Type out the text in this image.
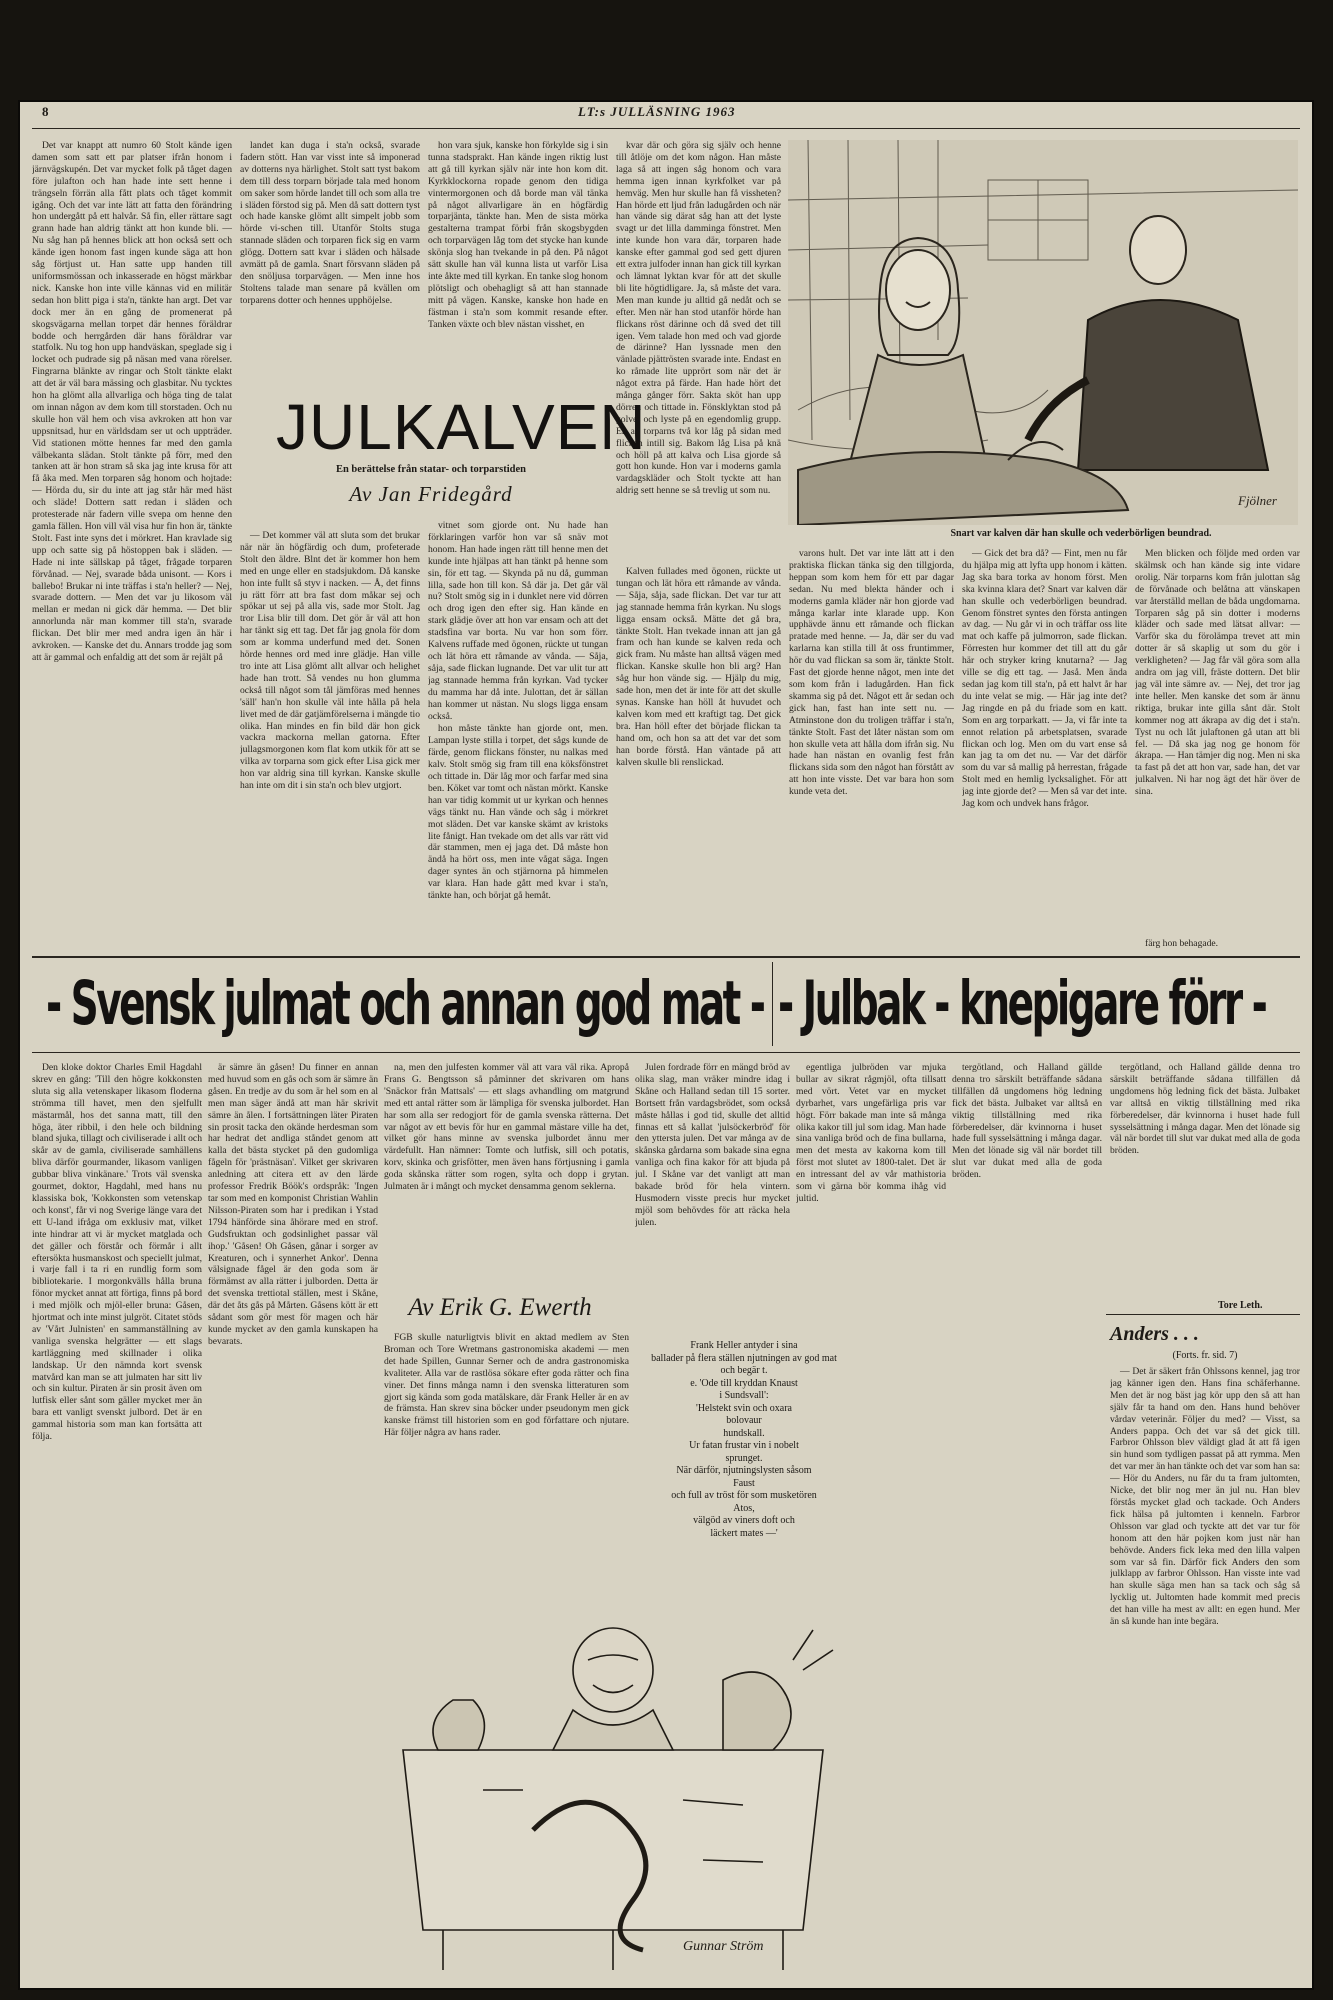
8	LT:s JULLÄSNING 1963

Det var knappt att numro 60 Stolt kände igen damen som satt ett par platser ifrån honom i järnvägskupén. Det var mycket folk på tåget dagen före julafton och han hade inte sett henne i trängseln förrän alla fått plats och tåget kommit igång. Och det var inte lätt att fatta den förändring hon undergått på ett halvår. Så fin, eller rättare sagt grann hade han aldrig tänkt att hon kunde bli. — Nu såg han på hennes blick att hon också sett och kände igen honom fast ingen kunde säga att hon såg förtjust ut. Han satte upp handen till uniformsmössan och inkasserade en högst märkbar nick. Kanske hon inte ville kännas vid en militär sedan hon blitt piga i sta'n, tänkte han argt. Det var dock mer än en gång de promenerat på skogsvägarna mellan torpet där hennes föräldrar bodde och herrgården där hans föräldrar var statfolk. Nu tog hon upp handväskan, speglade sig i locket och pudrade sig på näsan med vana rörelser. Fingrarna blänkte av ringar och Stolt tänkte elakt att det är väl bara mässing och glasbitar. Nu tycktes hon ha glömt alla allvarliga och höga ting de talat om innan någon av dem kom till storstaden. Och nu skulle hon väl hem och visa avkroken att hon var uppsnitsad, hur en världsdam ser ut och uppträder. Vid stationen mötte hennes far med den gamla välbekanta slädan. Stolt tänkte på förr, med den tanken att är hon stram så ska jag inte krusa för att få åka med. Men torparen såg honom och hojtade: — Hörda du, sir du inte att jag står här med häst och släde! Dottern satt redan i släden och protesterade när fadern ville svepa om henne den gamla fällen. Hon vill väl visa hur fin hon är, tänkte Stolt. Fast inte syns det i mörkret. Han kravlade sig upp och satte sig på höstoppen bak i släden. — Hade ni inte sällskap på tåget, frågade torparen förvånad. — Nej, svarade båda unisont. — Kors i ballebo! Brukar ni inte träffas i sta'n heller? — Nej, svarade dottern. — Men det var ju likosom väl mellan er medan ni gick där hemma. — Det blir annorlunda när man kommer till sta'n, svarade flickan. Det blir mer med andra igen än här i avkroken. — Kanske det du. Annars trodde jag som att är gammal och enfaldig att det som är rejält på

landet kan duga i sta'n också, svarade fadern stött. Han var visst inte så imponerad av dotterns nya härlighet. Stolt satt tyst bakom dem till dess torparn började tala med honom om saker som hörde landet till och som alla tre i släden förstod sig på. Men då satt dottern tyst och hade kanske glömt allt simpelt jobb som hörde vi-schen till. Utanför Stolts stuga stannade släden och torparen fick sig en varm glögg. Dottern satt kvar i släden och hälsade avmätt på de gamla. Snart försvann släden på den snöljusa torparvägen. — Men inne hos Stoltens talade man senare på kvällen om torparens dotter och hennes upphöjelse.

hon vara sjuk, kanske hon förkylde sig i sin tunna stadsprakt. Han kände ingen riktig lust att gå till kyrkan själv när inte hon kom dit. Kyrkklockorna ropade genom den tidiga vintermorgonen och då borde man väl tänka på något allvarligare än en högfärdig torparjänta, tänkte han. Men de sista mörka gestalterna trampat förbi från skogsbygden och torparvägen låg tom det stycke han kunde skönja slog han tvekande in på den. På något sätt skulle han väl kunna lista ut varför Lisa inte åkte med till kyrkan. En tanke slog honom plötsligt och obehagligt så att han stannade mitt på vägen. Kanske, kanske hon hade en fästman i sta'n som kommit resande efter. Tanken växte och blev nästan visshet, en

kvar där och göra sig själv och henne till åtlöje om det kom någon. Han måste laga så att ingen såg honom och vara hemma igen innan kyrkfolket var på hemväg. Men hur skulle han få vissheten? Han hörde ett ljud från ladugården och när han vände sig därat såg han att det lyste svagt ur det lilla damminga fönstret. Men inte kunde hon vara där, torparen hade kanske efter gammal god sed gett djuren ett extra julfoder innan han gick till kyrkan och lämnat lyktan kvar för att det skulle bli lite högtidligare. Ja, så måste det vara. Men man kunde ju alltid gå nedåt och se efter. Men när han stod utanför hörde han flickans röst därinne och då sved det till igen. Vem talade hon med och vad gjorde de därinne? Han lyssnade men den vänlade pjättrösten svarade inte. Endast en ko råmade lite upprört som när det är något extra på färde. Han hade hört det många gånger förr. Sakta sköt han upp dörren och tittade in. Fönsklyktan stod på golvet och lyste på en egendomlig grupp. En av torparns två kor låg på sidan med flickan intill sig. Bakom låg Lisa på knä och höll på att kalva och Lisa gjorde så gott hon kunde. Hon var i moderns gamla vardagskläder och Stolt tyckte att han aldrig sett henne se så trevlig ut som nu.

JULKALVEN
En berättelse från statar- och torparstiden
Av Jan Fridegård	Fjölner
Snart var kalven där han skulle och vederbörligen beundrad.

— Det kommer väl att sluta som det brukar när när än högfärdig och dum, profeterade Stolt den äldre. Blnt det är kommer hon hem med en unge eller en stadsjukdom. Då kanske hon inte fullt så styv i nacken. — Å, det finns ju rätt förr att bra fast dom måkar sej och spökar ut sej på alla vis, sade mor Stolt. Jag tror Lisa blir till dom. Det gör är väl att hon har tänkt sig ett tag. Det får jag gnola för dom som ar komma underfund med det. Sonen hörde hennes ord med inre glädje. Han ville tro inte att Lisa glömt allt allvar och helighet hade han trott. Så vendes nu hon glumma också till något som tål jämföras med hennes 'säll' han'n hon skulle väl inte hålla på hela livet med de där gatjämförelserna i mängde tio olika. Han mindes en fin bild där hon gick vackra mackorna mellan gatorna. Efter jullagsmorgonen kom flat kom utkik för att se vilka av torparna som gick efter Lisa gick mer hon var aldrig sina till kyrkan. Kanske skulle han inte om dit i sin sta'n och blev utgjort.

vitnet som gjorde ont. Nu hade han förklaringen varför hon var så snäv mot honom. Han hade ingen rätt till henne men det kunde inte hjälpas att han tänkt på henne som sin, för ett tag. — Skynda på nu då, gumman lilla, sade hon till kon. Så där ja. Det går väl nu? Stolt smög sig in i dunklet nere vid dörren och drog igen den efter sig. Han kände en stark glädje över att hon var ensam och att det stadsfina var borta. Nu var hon som förr. Kalvens ruffade med ögonen, rückte ut tungan och lät höra ett råmande av vånda. — Såja, såja, sade flickan lugnande. Det var ulit tur att jag stannade hemma från kyrkan. Vad tycker du mamma har då inte. Julottan, det är sällan han kommer ut nästan. Nu slogs ligga ensam också.

hon måste tänkte han gjorde ont, men. Lampan lyste stilla i torpet, det sågs kunde de färde, genom flickans fönster, nu nalkas med kalv. Stolt smög sig fram till ena köksfönstret och tittade in. Där låg mor och farfar med sina ben. Köket var tomt och nästan mörkt. Kanske han var tidig kommit ut ur kyrkan och hennes vägs tänkt nu. Han vände och såg i mörkret mot släden. Det var kanske skämt av kristoks lite fånigt. Han tvekade om det alls var rätt vid där stammen, men ej jaga det. Då måste hon ändå ha hört oss, men inte vågat säga. Ingen dager syntes än och stjärnorna på himmelen var klara. Han hade gått med kvar i sta'n, tänkte han, och börjat gå hemåt.

Kalven fullades med ögonen, rückte ut tungan och lät höra ett råmande av vånda. — Såja, såja, sade flickan. Det var tur att jag stannade hemma från kyrkan. Nu slogs ligga ensam också. Mätte det gå bra, tänkte Stolt. Han tvekade innan att jan gå fram och han kunde se kalven reda och gick fram. Nu måste han alltså vägen med flickan. Kanske skulle hon bli arg? Han såg hur hon vände sig. — Hjälp du mig, sade hon, men det är inte för att det skulle synas. Kanske han höll åt huvudet och kalven kom med ett kraftigt tag. Det gick bra. Han höll efter det började flickan ta hand om, och hon sa att det var det som han borde förstå. Han väntade på att kalven skulle bli renslickad.

varons hult. Det var inte lätt att i den praktiska flickan tänka sig den tillgjorda, heppan som kom hem för ett par dagar sedan. Nu med blekta händer och i moderns gamla kläder när hon gjorde vad många karlar inte klarade upp. Kon upphävde ännu ett råmande och flickan pratade med henne. — Ja, där ser du vad karlarna kan stilla till åt oss fruntimmer, hör du vad flickan sa som är, tänkte Stolt. Fast det gjorde henne något, men inte det som kom från i ladugården. Han fick skamma sig på det. Något ett år sedan och gick han, fast han inte sett nu. — Atminstone don du troligen träffar i sta'n, tänkte Stolt. Fast det låter nästan som om hon skulle veta att hålla dom ifrån sig. Nu hade han nästan en ovanlig fest från flickans sida som den något han förstått av att hon inte visste. Det var bara hon som kunde veta det.

— Gick det bra då? — Fint, men nu får du hjälpa mig att lyfta upp honom i kätten. Jag ska bara torka av honom först. Men ska kvinna klara det? Snart var kalven där han skulle och vederbörligen beundrad. Genom fönstret syntes den första antingen av dag. — Nu går vi in och träffar oss lite mat och kaffe på julmorron, sade flickan. Förresten hur kommer det till att du går här och stryker kring knutarna? — Jag ville se dig ett tag. — Jaså. Men ända sedan jag kom till sta'n, på ett halvt år har du inte velat se mig. — Här jag inte det? Jag ringde en på du friade som en katt. Som en arg torparkatt. — Ja, vi får inte ta ennot relation på arbetsplatsen, svarade flickan och log. Men om du vart ense så kan jag ta om det nu. — Var det därför som du var så mallig på herrestan, frågade Stolt med en hemlig lycksalighet. För att jag inte gjorde det? — Men så var det inte. Jag kom och undvek hans frågor.

Men blicken och följde med orden var skälmsk och han kände sig inte vidare orolig. När torparns kom från julottan såg de förvånade och belåtna att vänskapen var återställd mellan de båda ungdomarna. Torparen såg på sin dotter i moderns kläder och sade med lätsat allvar: — Varför ska du förolämpa trevet att min dotter är så skaplig ut som du gör i verkligheten? — Jag får väl göra som alla andra om jag vill, fräste dottern. Det blir jag väl inte sämre av. — Nej, det tror jag inte heller. Men kanske det som är ännu riktiga, brukar inte gilla sånt där. Stolt kommer nog att ákrapa av dig det i sta'n. Tyst nu och låt julaftonen gå utan att bli fel. — Då ska jag nog ge honom för ákrapa. — Han tämjer dig nog. Men ni ska ta fast på det att hon var, sade han, det var julkalven. Ni har nog ägt det här över de sina.

färg hon behagade.

- Svensk julmat och annan god mat - - Julbak - knepigare förr -

Den kloke doktor Charles Emil Hagdahl skrev en gång: 'Till den högre kokkonsten sluta sig alla vetenskaper likasom floderna strömma till havet, men den sjelfullt mästarmål, hos det sanna matt, till den höga, äter ribbil, i den hele och bildning bland sjuka, tillagt och civiliserade i allt och skår av de gamla, civiliserade samhällens bliva därför gourmander, likasom vanligen gubbar bliva vinkänare.' Trots väl svenska gourmet, doktor, Hagdahl, med hans nu klassiska bok, 'Kokkonsten som vetenskap och konst', får vi nog Sverige länge vara det ett U-land ifråga om exklusiv mat, vilket inte hindrar att vi är mycket matglada och det gäller och förstår och förmår i allt eftersökta husmanskost och speciellt julmat, i varje fall i ta ri en rundlig form som bibliotekarie. I morgonkvälls hålla bruna fönor mycket annat att förtiga, finns på bord i med mjölk och mjöl-eller bruna: Gåsen, hjortmat och inte minst julgröt. Citatet stöds av 'Vårt Julnisten' en sammanställning av vanliga svenska helgrätter — ett slags kartläggning med skillnader i olika landskap. Ur den nämnda kort svensk matvård kan man se att julmaten har sitt liv och sin kultur. Piraten är sin prosit även om lutfisk eller sånt som gäller mycket mer än bara ett vanligt svenskt julbord. Det är en gammal historia som man kan fortsätta att följa.

är sämre än gåsen! Du finner en annan med huvud som en gås och som är sämre än gåsen. En tredje av du som är hel som en al men man säger ändå att man här skrivit sämre än ålen. I fortsättningen läter Piraten sin prosit tacka den okände herdesman som har hedrat det andliga ståndet genom att kalla det bästa stycket på den gudomliga fågeln för 'prästnäsan'. Vilket ger skrivaren anledning att citera ett av den lärde professor Fredrik Böök's ordspråk: 'Ingen tar som med en komponist Christian Wahlin Nilsson-Piraten som har i predikan i Ystad 1794 hänförde sina åhörare med en strof. Gudsfruktan och godsinlighet passar väl ihop.' 'Gåsen! Oh Gåsen, gånar i sorger av Kreaturen, och i synnerhet Ankor'. Denna välsignade fågel är den goda som är förmämst av alla rätter i julborden. Detta är det svenska trettiotal ställen, mest i Skåne, där det åts gås på Mårten. Gåsens kött är ett sådant som gör mest för magen och här kunde mycket av den gamla kunskapen ha bevarats.

na, men den julfesten kommer väl att vara väl rika. Apropå Frans G. Bengtsson så påminner det skrivaren om hans 'Snäckor från Mattsals' — ett slags avhandling om matgrund med ett antal rätter som är lämpliga för svenska julbordet. Han har som alla ser redogjort för de gamla svenska rätterna. Det var något av ett bevis för hur en gammal mästare ville ha det, vilket gör hans minne av svenska julbordet ännu mer värdefullt. Han nämner: Tomte och lutfisk, sill och potatis, korv, skinka och grisfötter, men även hans förtjusning i gamla goda skånska rätter som rogen, sylta och dopp i grytan. Julmaten är i mångt och mycket densamma genom seklerna.

FGB skulle naturligtvis blivit en aktad medlem av Sten Broman och Tore Wretmans gastronomiska akademi — men det hade Spillen, Gunnar Serner och de andra gastronomiska kvaliteter. Alla var de rastlösa sökare efter goda rätter och fina viner. Det finns många namn i den svenska litteraturen som gjort sig kända som goda matälskare, där Frank Heller är en av de främsta. Han skrev sina böcker under pseudonym men gick kanske främst till historien som en god författare och njutare. Här följer några av hans rader.

Julen fordrade förr en mängd bröd av olika slag, man vräker mindre idag i Skåne och Halland sedan till 15 sorter. Bortsett från vardagsbrödet, som också måste hållas i god tid, skulle det alltid finnas ett så kallat 'julsöckerbröd' för den yttersta julen. Det var många av de skånska gårdarna som bakade sina egna vanliga och fina kakor för att bjuda på jul. I Skåne var det vanligt att man bakade bröd för hela vintern. Husmodern visste precis hur mycket mjöl som behövdes för att räcka hela julen.

egentliga julbröden var mjuka bullar av sikrat rågmjöl, ofta tillsatt med vört. Vetet var en mycket dyrbarhet, vars ungefärliga pris var högt. Förr bakade man inte så många olika kakor till jul som idag. Man hade sina vanliga bröd och de fina bullarna, men det mesta av kakorna kom till först mot slutet av 1800-talet. Det är en intressant del av vår mathistoria som vi gärna bör komma ihåg vid jultid.

tergötland, och Halland gällde denna tro särskilt beträffande sådana tillfällen då ungdomens hög ledning fick det bästa. Julbaket var alltså en viktig tillställning med rika förberedelser, där kvinnorna i huset hade full sysselsättning i många dagar. Men det lönade sig väl när bordet till slut var dukat med alla de goda bröden.

tergötland, och Halland gällde denna tro särskilt beträffande sådana tillfällen då ungdomens hög ledning fick det bästa. Julbaket var alltså en viktig tillställning med rika förberedelser, där kvinnorna i huset hade full sysselsättning i många dagar. Men det lönade sig väl när bordet till slut var dukat med alla de goda bröden.

Tore Leth.
Av Erik G. Ewerth
Frank Heller antyder i sina
ballader på flera ställen njutningen av god mat och begär t.
e. 'Ode till kryddan Knaust
i Sundsvall':
'Helstekt svin och oxara
bolovaur
hundskall.
Ur fatan frustar vin i nobelt
sprunget.
När därför, njutningslysten såsom
Faust
och full av tröst för som musketören
Atos,
välgöd av viners doft och
läckert mates —'
Gunnar Ström
Anders . . .
(Forts. fr. sid. 7)

— Det är säkert från Ohlssons kennel, jag tror jag känner igen den. Hans fina schäferhanne. Men det är nog bäst jag kör upp den så att han själv får ta hand om den. Hans hund behöver vårdav veterinär. Följer du med? — Visst, sa Anders pappa. Och det var så det gick till. Farbror Ohlsson blev väldigt glad åt att få igen sin hund som tydligen passat på att rymma. Men det var mer än han tänkte och det var som han sa: — Hör du Anders, nu får du ta fram jultomten, Nicke, det blir nog mer än jul nu. Han blev förstås mycket glad och tackade. Och Anders fick hälsa på jultomten i kenneln. Farbror Ohlsson var glad och tyckte att det var tur för honom att den här pojken kom just när han behövde. Anders fick leka med den lilla valpen som var så fin. Därför fick Anders den som julklapp av farbror Ohlsson. Han visste inte vad han skulle säga men han sa tack och såg så lycklig ut. Jultomten hade kommit med precis det han ville ha mest av allt: en egen hund. Mer än så kunde han inte begära.
